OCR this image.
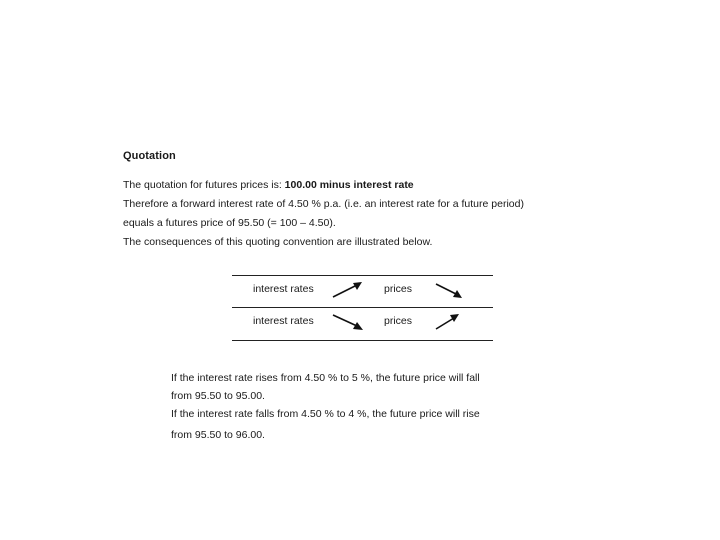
Quotation
The quotation for futures prices is: 100.00 minus interest rate
Therefore a forward interest rate of 4.50 % p.a. (i.e. an interest rate for a future period)
equals a futures price of 95.50 (= 100 – 4.50).
The consequences of this quoting convention are illustrated below.
interest rates	prices
interest rates	prices
If the interest rate rises from 4.50 % to 5 %, the future price will fall
from 95.50 to 95.00.
If the interest rate falls from 4.50 % to 4 %, the future price will rise
from 95.50 to 96.00.
